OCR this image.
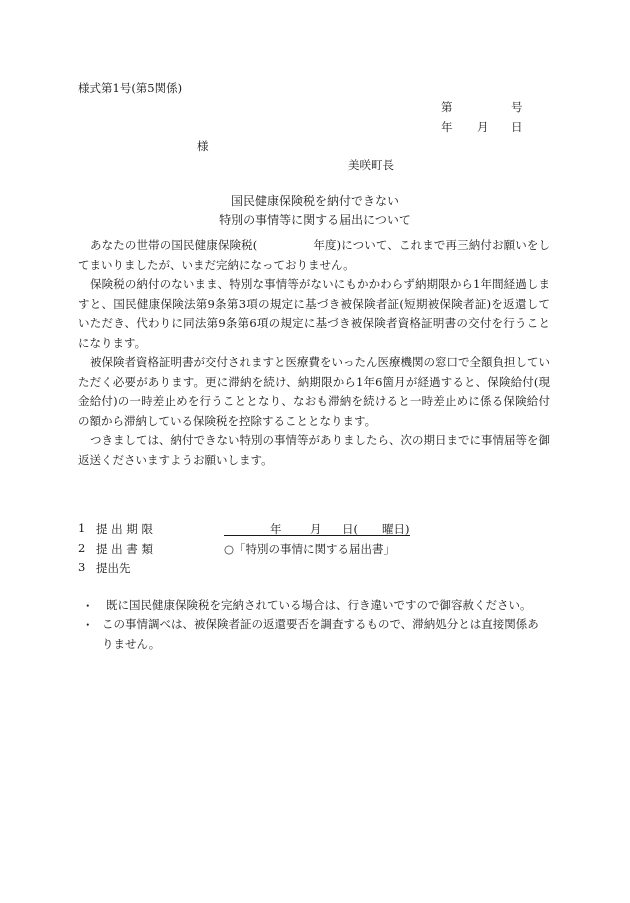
様式第1号(第5関係)
第	号
年 月 日
様
美咲町長
国民健康保険税を納付できない
特別の事情等に関する届出について

あなたの世帯の国民健康保険税(	年度)について、これまで再三納付お願いをしてまいりましたが、いまだ完納になっておりません。

保険税の納付のないまま、特別な事情等がないにもかかわらず納期限から1年間経過しますと、国民健康保険法第9条第3項の規定に基づき被保険者証(短期被保険者証)を返還していただき、代わりに同法第9条第6項の規定に基づき被保険者資格証明書の交付を行うことになります。

被保険者資格証明書が交付されますと医療費をいったん医療機関の窓口で全額負担していただく必要があります。更に滞納を続け、納期限から1年6箇月が経過すると、保険給付(現金給付)の一時差止めを行うこととなり、なおも滞納を続けると一時差止めに係る保険給付の額から滞納している保険税を控除することとなります。

つきましては、納付できない特別の事情等がありましたら、次の期日までに事情届等を御返送くださいますようお願いします。

1 提 出 期 限	年 月 日( 曜日)
2 提 出 書 類	○「特別の事情に関する届出書」
3 提出先
・ 既に国民健康保険税を完納されている場合は、行き違いですので御容赦ください。

・ この事情調べは、被保険者証の返還要否を調査するもので、滞納処分とは直接関係ありません。
